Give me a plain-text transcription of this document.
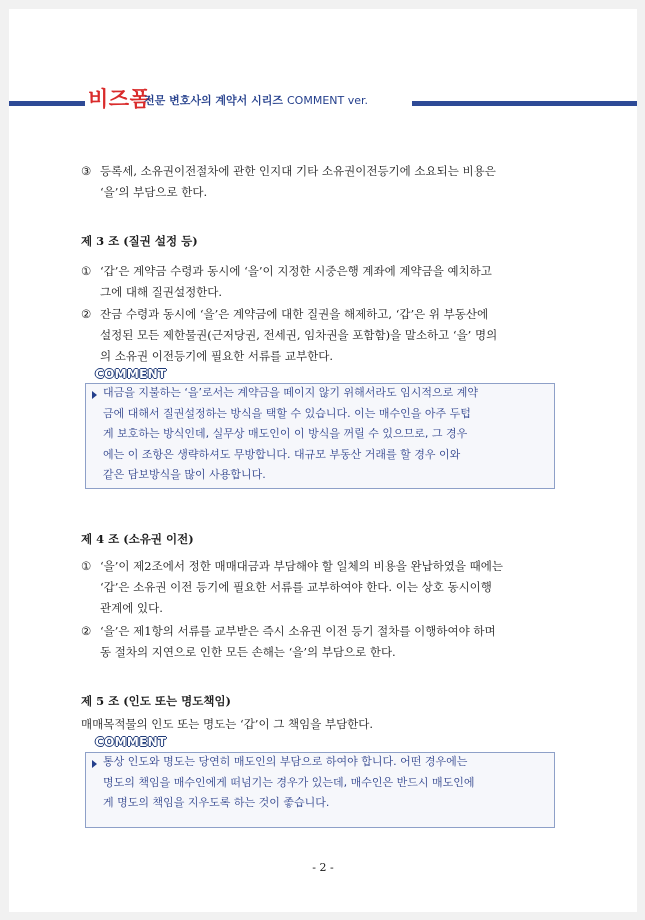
비즈폼
전문 변호사의 계약서 시리즈 COMMENT ver.
③ 등록세, 소유권이전절차에 관한 인지대 기타 소유권이전등기에 소요되는 비용은
‘을’의 부담으로 한다.
제 3 조 (질권 설정 등)
① ‘갑’은 계약금 수령과 동시에 ‘을’이 지정한 시중은행 계좌에 계약금을 예치하고
그에 대해 질권설정한다.
② 잔금 수령과 동시에 ‘을’은 계약금에 대한 질권을 해제하고, ‘갑’은 위 부동산에
설정된 모든 제한물권(근저당권, 전세권, 임차권을 포함함)을 말소하고 ‘을’ 명의
의 소유권 이전등기에 필요한 서류를 교부한다.
COMMENT
대금을 지불하는 ‘을’로서는 계약금을 떼이지 않기 위해서라도 임시적으로 계약
금에 대해서 질권설정하는 방식을 택할 수 있습니다. 이는 매수인을 아주 두텁
게 보호하는 방식인데, 실무상 매도인이 이 방식을 꺼릴 수 있으므로, 그 경우
에는 이 조항은 생략하셔도 무방합니다. 대규모 부동산 거래를 할 경우 이와
같은 담보방식을 많이 사용합니다.
제 4 조 (소유권 이전)
① ‘을’이 제2조에서 정한 매매대금과 부담해야 할 일체의 비용을 완납하였을 때에는
‘갑’은 소유권 이전 등기에 필요한 서류를 교부하여야 한다. 이는 상호 동시이행
관계에 있다.
② ‘을’은 제1항의 서류를 교부받은 즉시 소유권 이전 등기 절차를 이행하여야 하며
동 절차의 지연으로 인한 모든 손해는 ‘을’의 부담으로 한다.
제 5 조 (인도 또는 명도책임)
매매목적물의 인도 또는 명도는 ‘갑’이 그 책임을 부담한다.
COMMENT
통상 인도와 명도는 당연히 매도인의 부담으로 하여야 합니다. 어떤 경우에는
명도의 책임을 매수인에게 떠넘기는 경우가 있는데, 매수인은 반드시 매도인에
게 명도의 책임을 지우도록 하는 것이 좋습니다.
- 2 -
